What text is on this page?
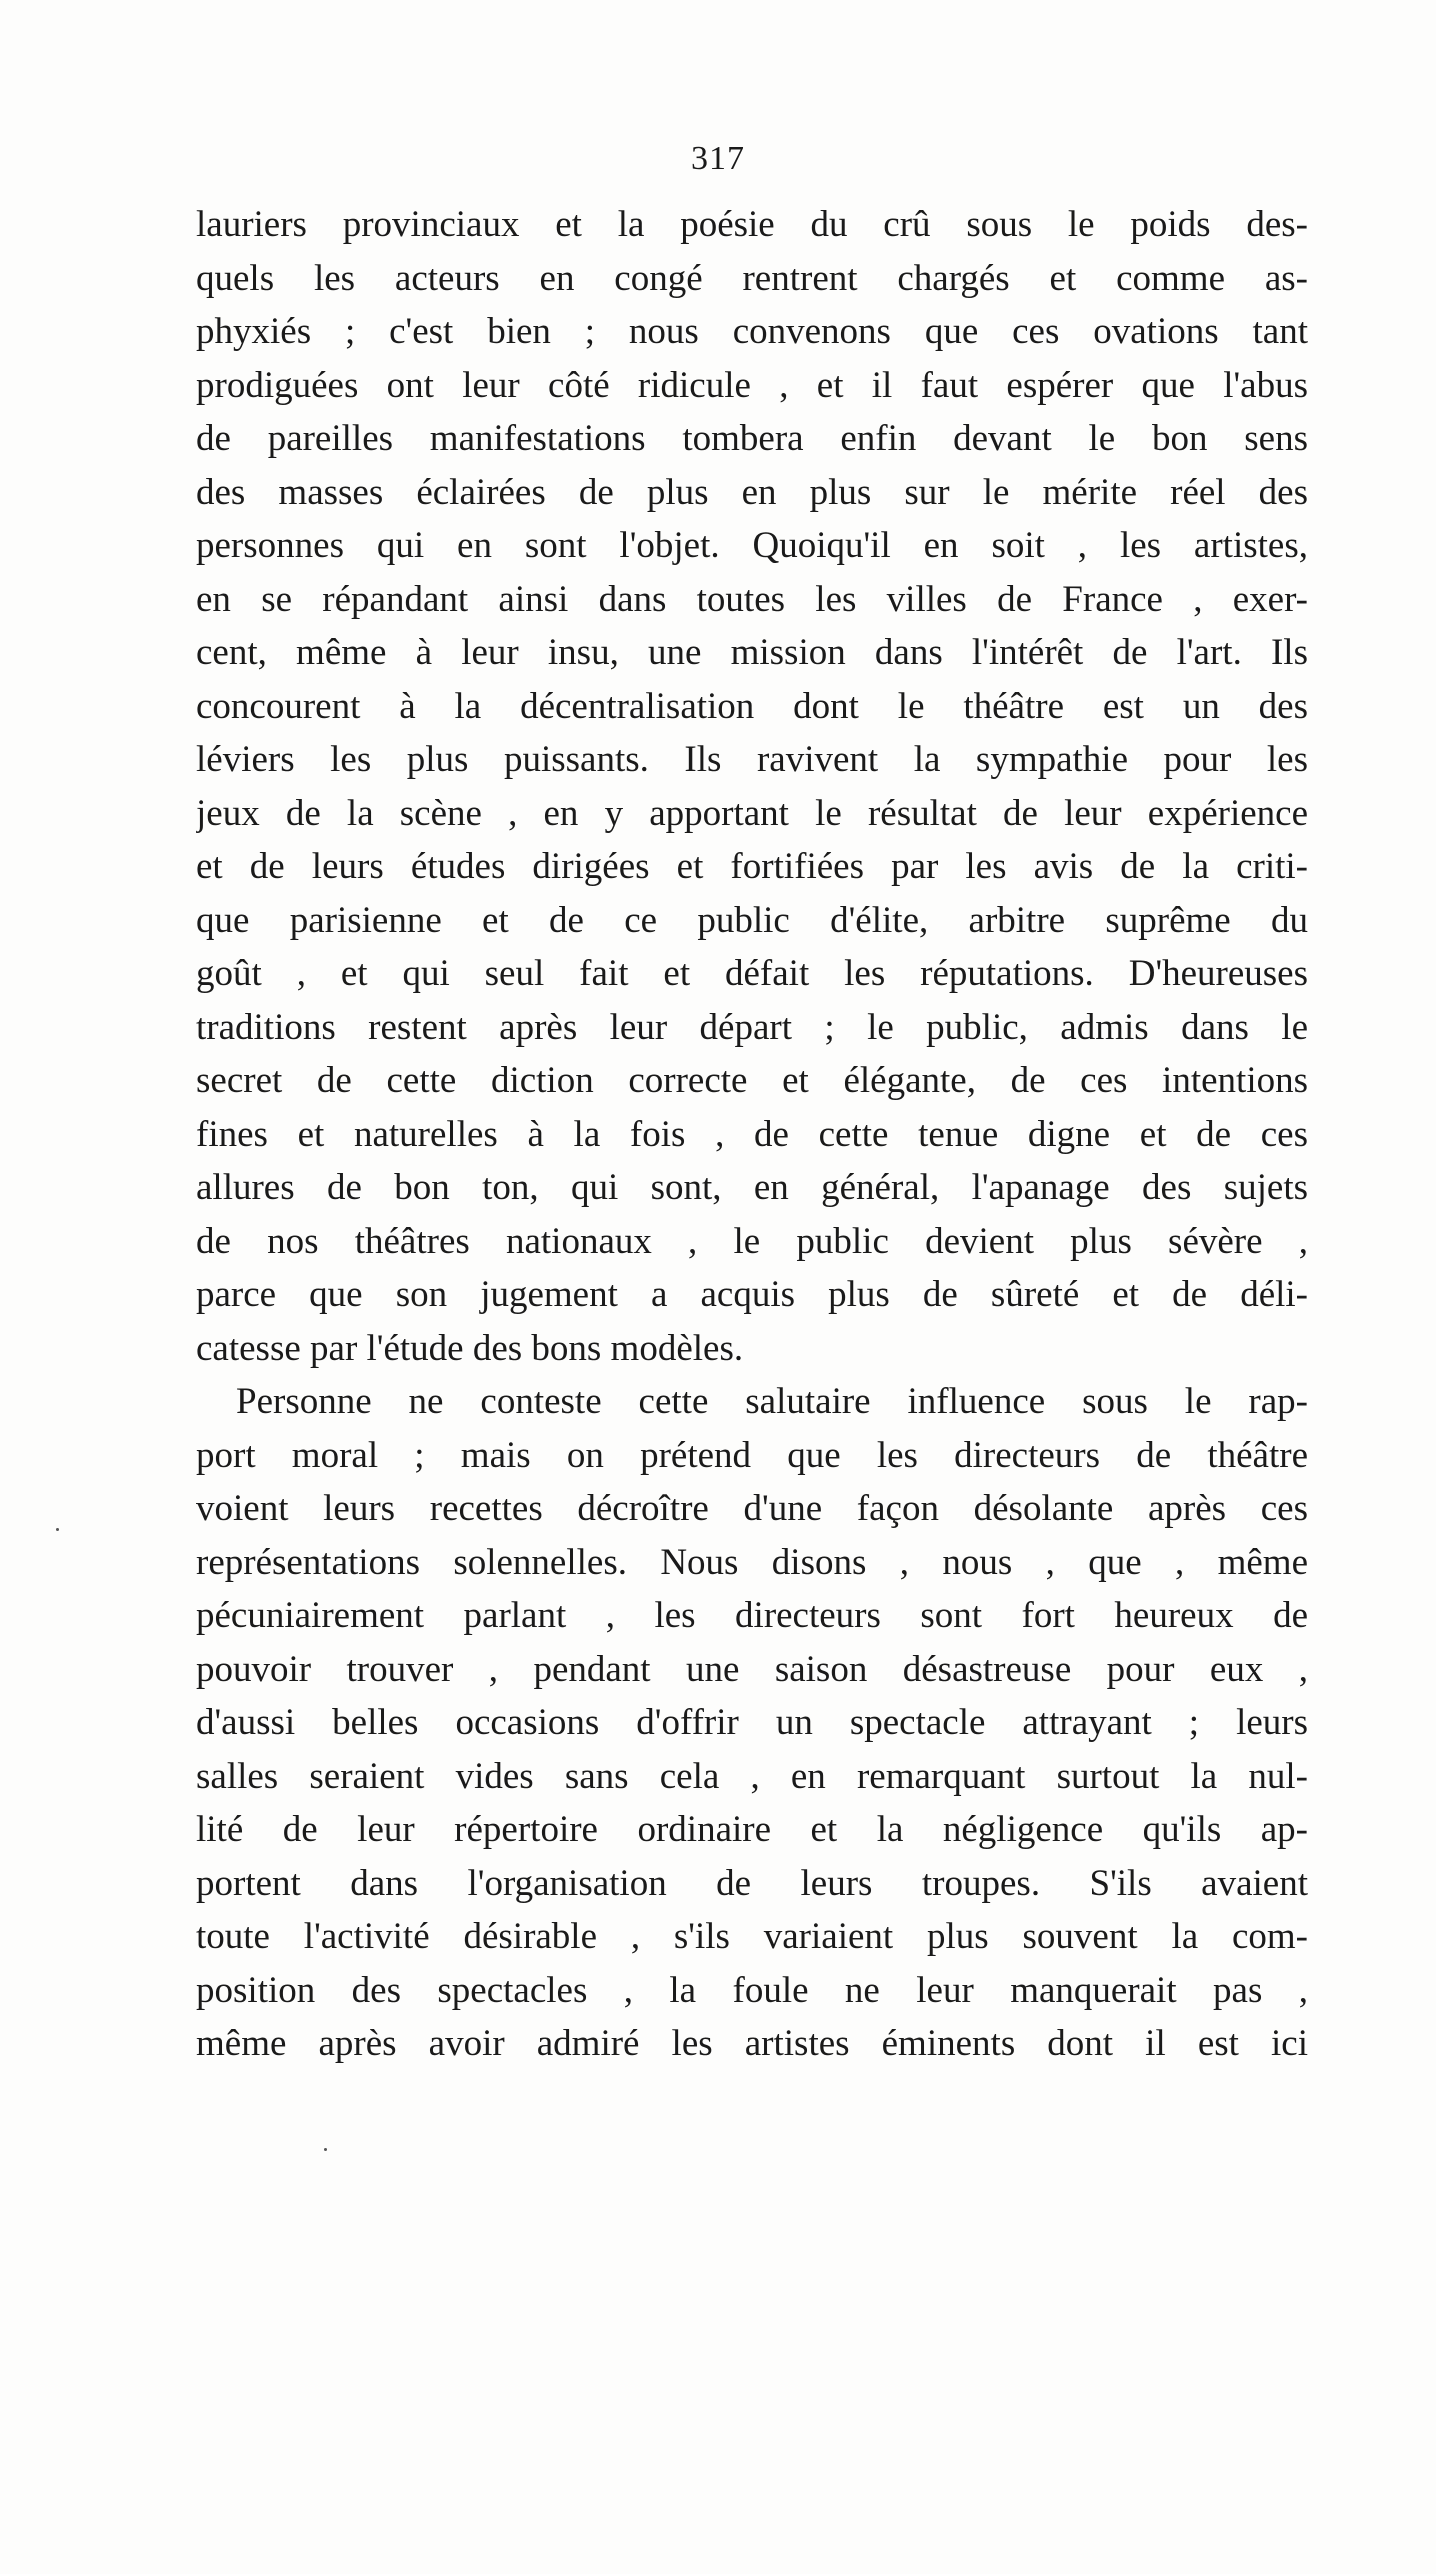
317
lauriers provinciaux et la poésie du crû sous le poids des-
quels les acteurs en congé rentrent chargés et comme as-
phyxiés ; c'est bien ; nous convenons que ces ovations tant
prodiguées ont leur côté ridicule , et il faut espérer que l'abus
de pareilles manifestations tombera enfin devant le bon sens
des masses éclairées de plus en plus sur le mérite réel des
personnes qui en sont l'objet. Quoiqu'il en soit , les artistes,
en se répandant ainsi dans toutes les villes de France , exer-
cent, même à leur insu, une mission dans l'intérêt de l'art. Ils
concourent à la décentralisation dont le théâtre est un des
léviers les plus puissants. Ils ravivent la sympathie pour les
jeux de la scène , en y apportant le résultat de leur expérience
et de leurs études dirigées et fortifiées par les avis de la criti-
que parisienne et de ce public d'élite, arbitre suprême du
goût , et qui seul fait et défait les réputations. D'heureuses
traditions restent après leur départ ; le public, admis dans le
secret de cette diction correcte et élégante, de ces intentions
fines et naturelles à la fois , de cette tenue digne et de ces
allures de bon ton, qui sont, en général, l'apanage des sujets
de nos théâtres nationaux , le public devient plus sévère ,
parce que son jugement a acquis plus de sûreté et de déli-
catesse par l'étude des bons modèles.
Personne ne conteste cette salutaire influence sous le rap-
port moral ; mais on prétend que les directeurs de théâtre
voient leurs recettes décroître d'une façon désolante après ces
représentations solennelles. Nous disons , nous , que , même
pécuniairement parlant , les directeurs sont fort heureux de
pouvoir trouver , pendant une saison désastreuse pour eux ,
d'aussi belles occasions d'offrir un spectacle attrayant ; leurs
salles seraient vides sans cela , en remarquant surtout la nul-
lité de leur répertoire ordinaire et la négligence qu'ils ap-
portent dans l'organisation de leurs troupes. S'ils avaient
toute l'activité désirable , s'ils variaient plus souvent la com-
position des spectacles , la foule ne leur manquerait pas ,
même après avoir admiré les artistes éminents dont il est ici
